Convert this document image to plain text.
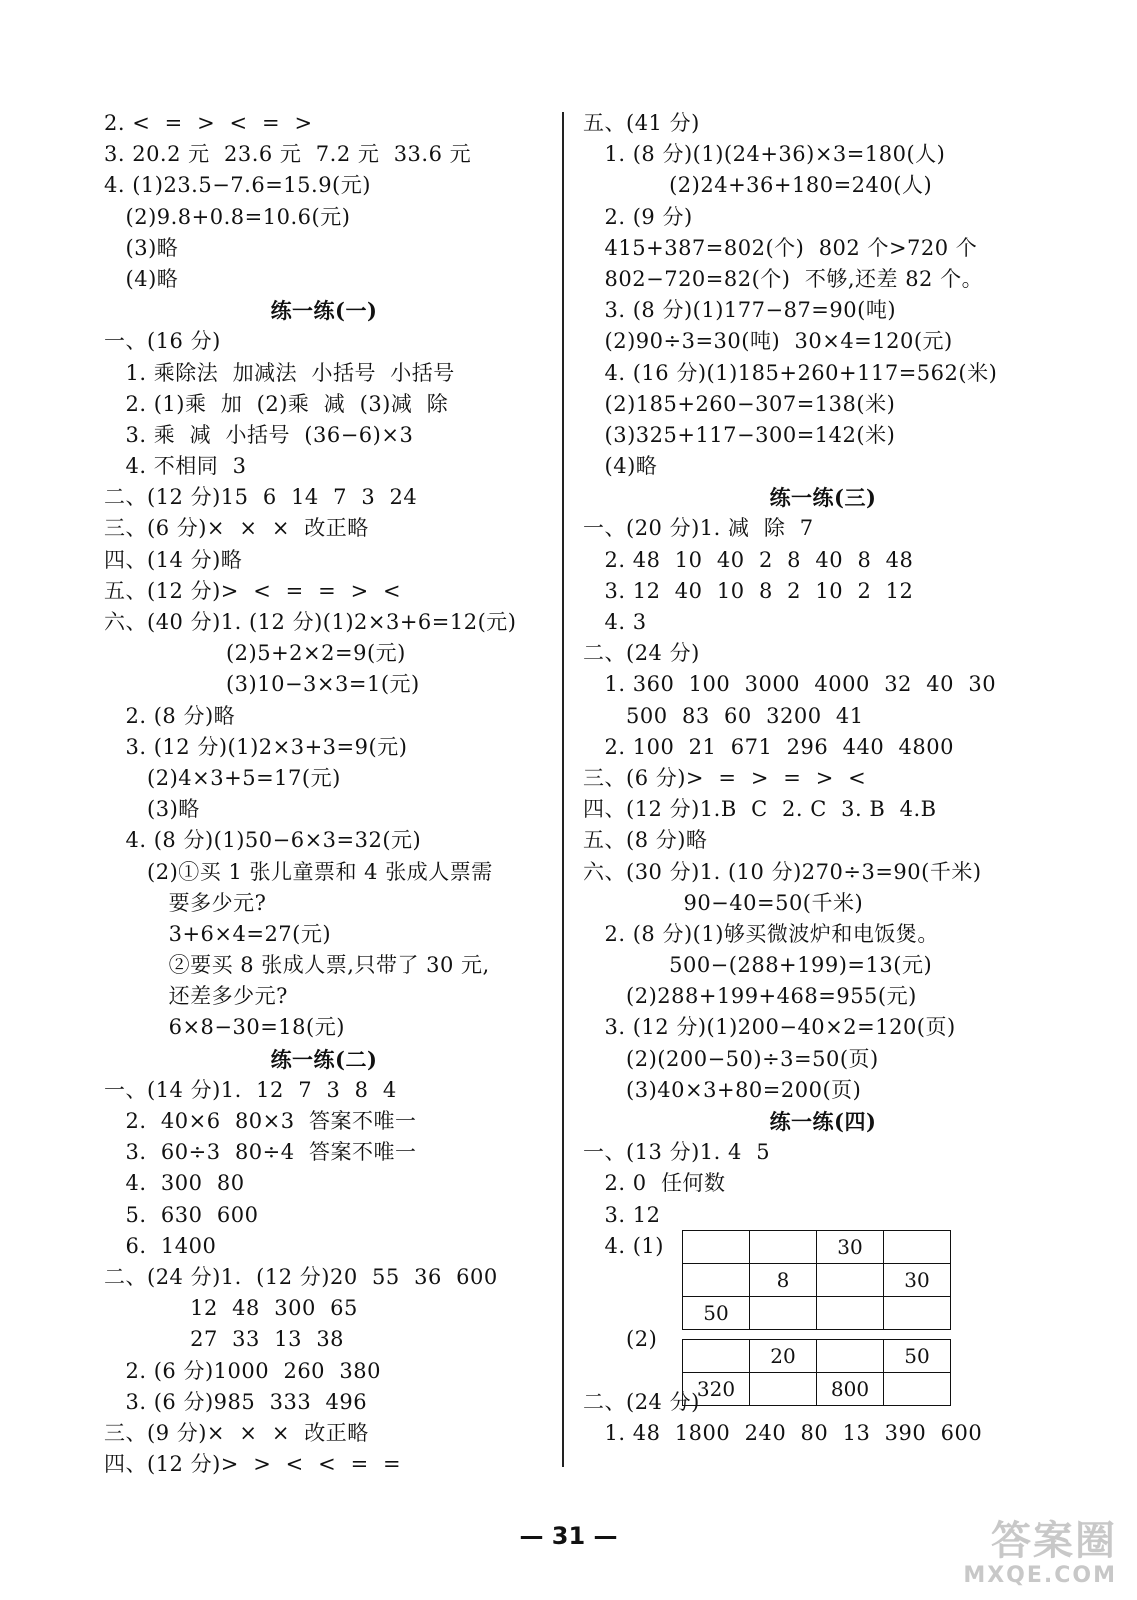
2. <  =  >  <  =  >
3. 20.2 元  23.6 元  7.2 元  33.6 元
4. (1)23.5−7.6=15.9(元)
(2)9.8+0.8=10.6(元)
(3)略
(4)略
练一练(一)
一、(16 分)
1. 乘除法  加减法  小括号  小括号
2. (1)乘  加  (2)乘  减  (3)减  除
3. 乘  减  小括号  (36−6)×3
4. 不相同  3
二、(12 分)15  6  14  7  3  24
三、(6 分)×  ×  ×  改正略
四、(14 分)略
五、(12 分)>  <  =  =  >  <
六、(40 分)1. (12 分)(1)2×3+6=12(元)
(2)5+2×2=9(元)
(3)10−3×3=1(元)
2. (8 分)略
3. (12 分)(1)2×3+3=9(元)
(2)4×3+5=17(元)
(3)略
4. (8 分)(1)50−6×3=32(元)
(2)①买 1 张儿童票和 4 张成人票需
要多少元?
3+6×4=27(元)
②要买 8 张成人票,只带了 30 元,
还差多少元?
6×8−30=18(元)
练一练(二)
一、(14 分)1.  12  7  3  8  4
2.  40×6  80×3  答案不唯一
3.  60÷3  80÷4  答案不唯一
4.  300  80
5.  630  600
6.  1400
二、(24 分)1.  (12 分)20  55  36  600
12  48  300  65
27  33  13  38
2. (6 分)1000  260  380
3. (6 分)985  333  496
三、(9 分)×  ×  ×  改正略
四、(12 分)>  >  <  <  =  =
五、(41 分)
1. (8 分)(1)(24+36)×3=180(人)
(2)24+36+180=240(人)
2. (9 分)
415+387=802(个)  802 个>720 个
802−720=82(个)  不够,还差 82 个。
3. (8 分)(1)177−87=90(吨)
(2)90÷3=30(吨)  30×4=120(元)
4. (16 分)(1)185+260+117=562(米)
(2)185+260−307=138(米)
(3)325+117−300=142(米)
(4)略
练一练(三)
一、(20 分)1. 减  除  7
2. 48  10  40  2  8  40  8  48
3. 12  40  10  8  2  10  2  12
4. 3
二、(24 分)
1. 360  100  3000  4000  32  40  30
500  83  60  3200  41
2. 100  21  671  296  440  4800
三、(6 分)>  =  >  =  >  <
四、(12 分)1.B  C  2. C  3. B  4.B
五、(8 分)略
六、(30 分)1. (10 分)270÷3=90(千米)
90−40=50(千米)
2. (8 分)(1)够买微波炉和电饭煲。
500−(288+199)=13(元)
(2)288+199+468=955(元)
3. (12 分)(1)200−40×2=120(页)
(2)(200−50)÷3=50(页)
(3)40×3+80=200(页)
练一练(四)
一、(13 分)1. 4  5
2. 0  任何数
3. 12
4. (1)
(2)
二、(24 分)
1. 48  1800  240  80  13  390  600
		30	
	8		30
50			
	20		50
320		800	
— 31 —	答案圈
MXQE.COM
